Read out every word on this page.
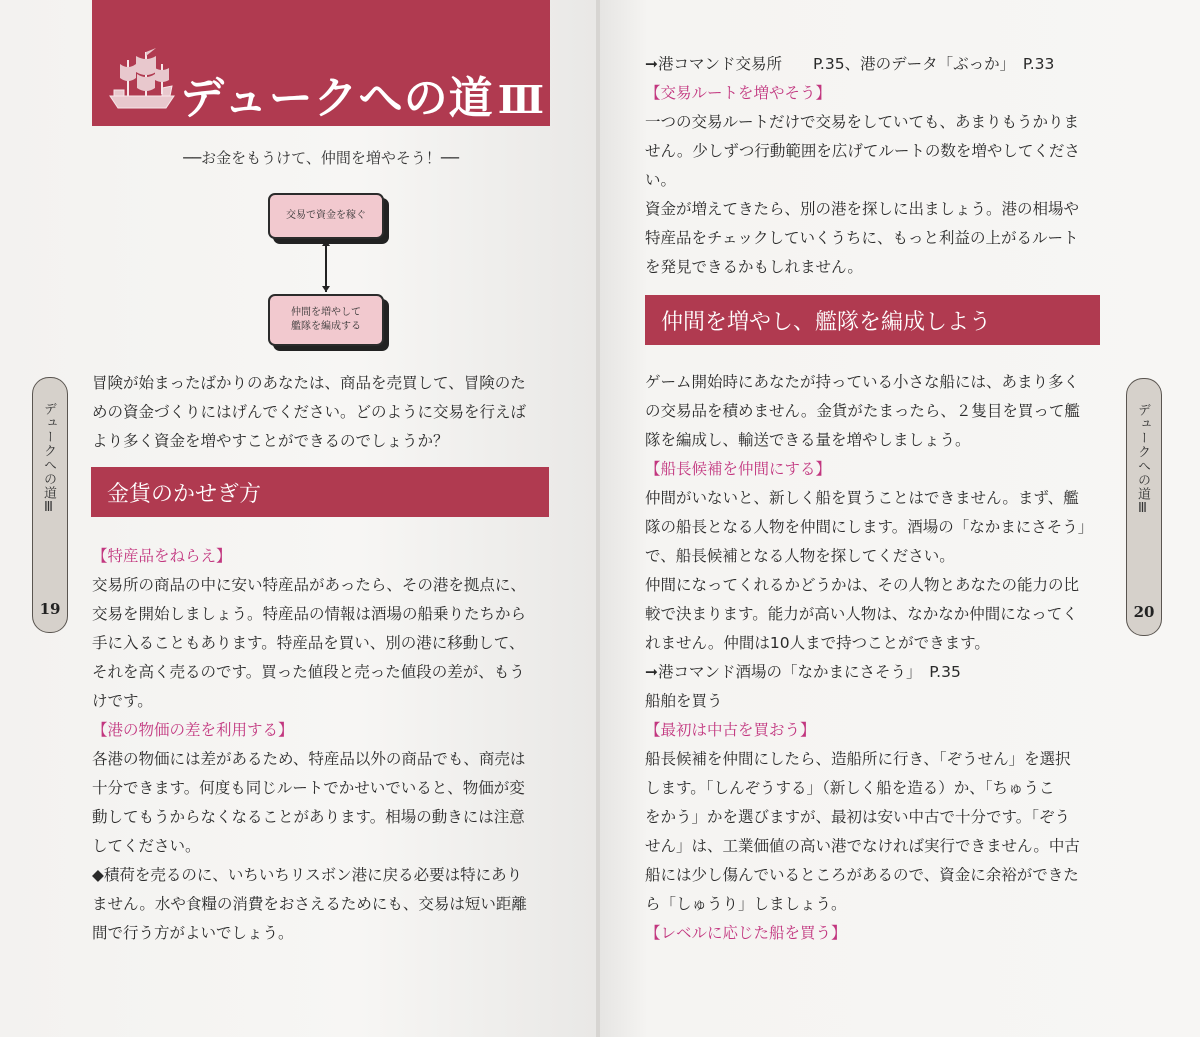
デュークへの道 Ⅲ
──お金をもうけて、仲間を増やそう！──
交易で資金を稼ぐ
仲間を増やして
艦隊を編成する
デュークへの道Ⅲ
19

冒険が始まったばかりのあなたは、商品を売買して、冒険のた

めの資金づくりにはげんでください。どのように交易を行えば

より多く資金を増やすことができるのでしょうか？

金貨のかせぎ方

【特産品をねらえ】

交易所の商品の中に安い特産品があったら、その港を拠点に、

交易を開始しましょう。特産品の情報は酒場の船乗りたちから

手に入ることもあります。特産品を買い、別の港に移動して、

それを高く売るのです。買った値段と売った値段の差が、もう

けです。

【港の物価の差を利用する】

各港の物価には差があるため、特産品以外の商品でも、商売は

十分できます。何度も同じルートでかせいでいると、物価が変

動してもうからなくなることがあります。相場の動きには注意

してください。

◆積荷を売るのに、いちいちリスボン港に戻る必要は特にあり

ません。水や食糧の消費をおさえるためにも、交易は短い距離

間で行う方がよいでしょう。

➞港コマンド交易所　　P.35、港のデータ「ぶっか」　P.33

【交易ルートを増やそう】

一つの交易ルートだけで交易をしていても、あまりもうかりま

せん。少しずつ行動範囲を広げてルートの数を増やしてくださ

い。

資金が増えてきたら、別の港を探しに出ましょう。港の相場や

特産品をチェックしていくうちに、もっと利益の上がるルート

を発見できるかもしれません。

仲間を増やし、艦隊を編成しよう

ゲーム開始時にあなたが持っている小さな船には、あまり多く

の交易品を積めません。金貨がたまったら、２隻目を買って艦

隊を編成し、輸送できる量を増やしましょう。

【船長候補を仲間にする】

仲間がいないと、新しく船を買うことはできません。まず、艦

隊の船長となる人物を仲間にします。酒場の「なかまにさそう」

で、船長候補となる人物を探してください。

仲間になってくれるかどうかは、その人物とあなたの能力の比

較で決まります。能力が高い人物は、なかなか仲間になってく

れません。仲間は10人まで持つことができます。

➞港コマンド酒場の「なかまにさそう」　P.35

船舶を買う

【最初は中古を買おう】

船長候補を仲間にしたら、造船所に行き、「ぞうせん」を選択

します。「しんぞうする」（新しく船を造る）か、「ちゅうこ

をかう」かを選びますが、最初は安い中古で十分です。「ぞう

せん」は、工業価値の高い港でなければ実行できません。中古

船には少し傷んでいるところがあるので、資金に余裕ができた

ら「しゅうり」しましょう。

【レベルに応じた船を買う】

デュークへの道Ⅲ
20
